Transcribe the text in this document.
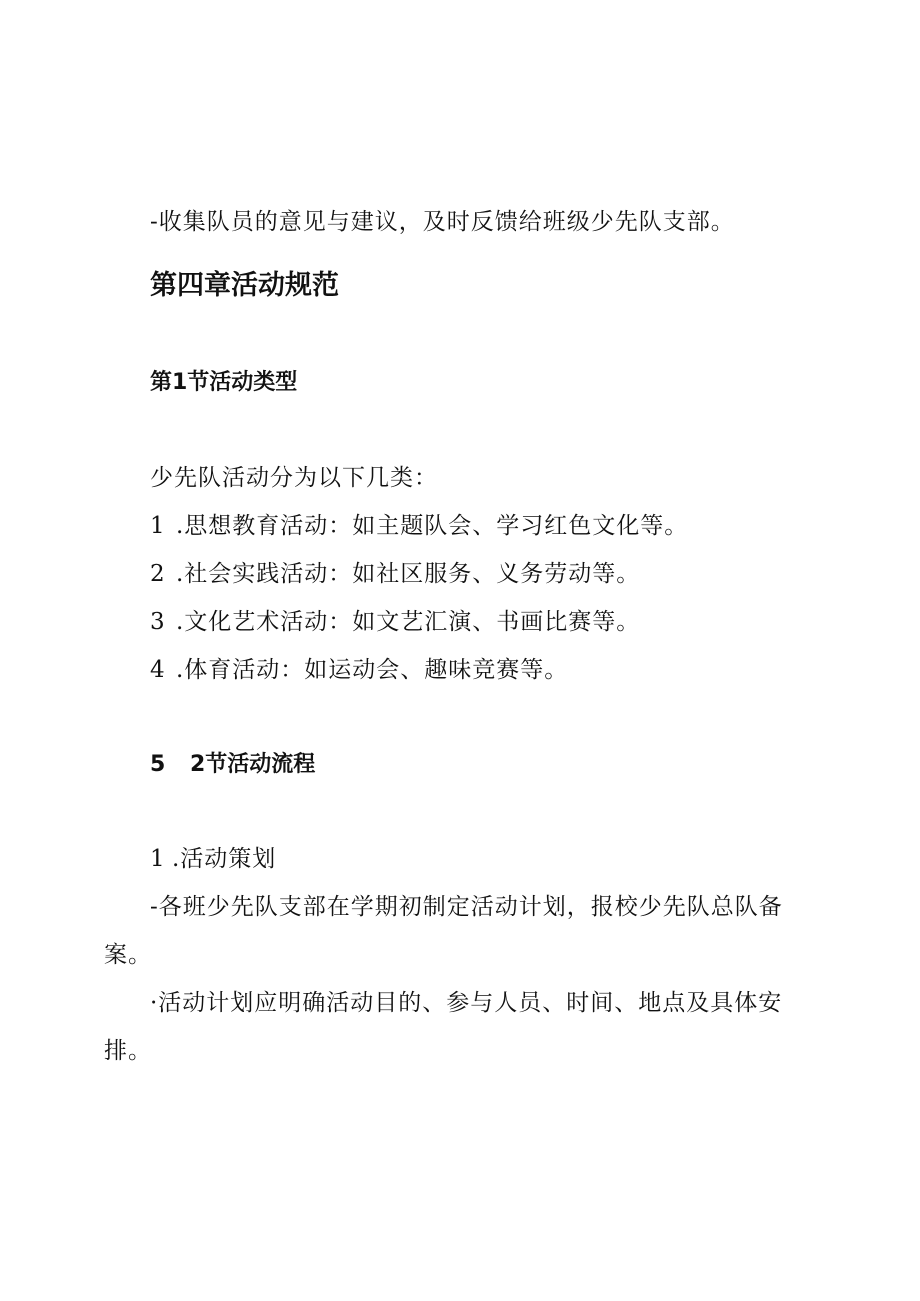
-收集队员的意见与建议，及时反馈给班级少先队支部。
第四章活动规范
第1节活动类型
少先队活动分为以下几类：
1 .思想教育活动：如主题队会、学习红色文化等。
2 .社会实践活动：如社区服务、义务劳动等。
3 .文化艺术活动：如文艺汇演、书画比赛等。
4 .体育活动：如运动会、趣味竞赛等。
5 2节活动流程
1 .活动策划
-各班少先队支部在学期初制定活动计划，报校少先队总队备
案。
·活动计划应明确活动目的、参与人员、时间、地点及具体安
排。
